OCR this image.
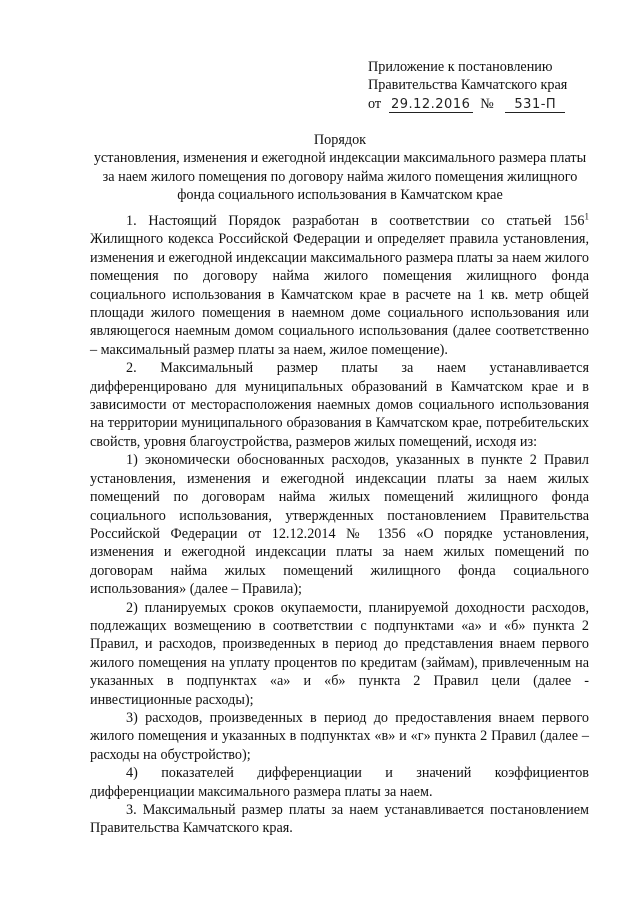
Приложение к постановлению
Правительства Камчатского края
от 29.12.2016 № 531-П
Порядок
установления, изменения и ежегодной индексации максимального размера платы за наем жилого помещения по договору найма жилого помещения жилищного фонда социального использования в Камчатском крае

1. Настоящий Порядок разработан в соответствии со статьей $156^1$ Жилищного кодекса Российской Федерации и определяет правила установления, изменения и ежегодной индексации максимального размера платы за наем жилого помещения по договору найма жилого помещения жилищного фонда социального использования в Камчатском крае в расчете на 1 кв. метр общей площади жилого помещения в наемном доме социального использования или являющегося наемным домом социального использования (далее соответственно – максимальный размер платы за наем, жилое помещение).

2. Максимальный размер платы за наем устанавливается дифференцировано для муниципальных образований в Камчатском крае и в зависимости от месторасположения наемных домов социального использования на территории муниципального образования в Камчатском крае, потребительских свойств, уровня благоустройства, размеров жилых помещений, исходя из:

1) экономически обоснованных расходов, указанных в пункте 2 Правил установления, изменения и ежегодной индексации платы за наем жилых помещений по договорам найма жилых помещений жилищного фонда социального использования, утвержденных постановлением Правительства Российской Федерации от 12.12.2014 № 1356 «О порядке установления, изменения и ежегодной индексации платы за наем жилых помещений по договорам найма жилых помещений жилищного фонда социального использования» (далее – Правила);

2) планируемых сроков окупаемости, планируемой доходности расходов, подлежащих возмещению в соответствии с подпунктами «а» и «б» пункта 2 Правил, и расходов, произведенных в период до представления внаем первого жилого помещения на уплату процентов по кредитам (займам), привлеченным на указанных в подпунктах «а» и «б» пункта 2 Правил цели (далее - инвестиционные расходы);

3) расходов, произведенных в период до предоставления внаем первого жилого помещения и указанных в подпунктах «в» и «г» пункта 2 Правил (далее – расходы на обустройство);

4) показателей дифференциации и значений коэффициентов дифференциации максимального размера платы за наем.

3. Максимальный размер платы за наем устанавливается постановлением Правительства Камчатского края.
